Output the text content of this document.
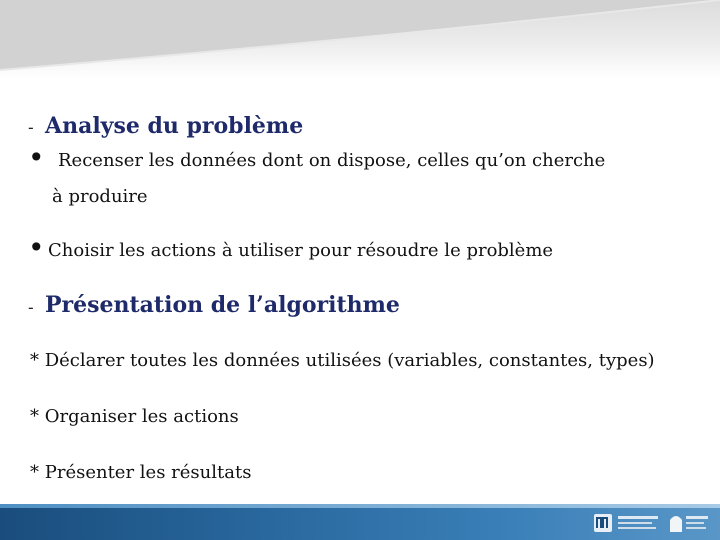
- Analyse du problème
• Recenser les données dont on dispose, celles qu’on cherche
à produire
• Choisir les actions à utiliser pour résoudre le problème
- Présentation de l’algorithme
* Déclarer toutes les données utilisées (variables, constantes, types)
* Organiser les actions
* Présenter les résultats
